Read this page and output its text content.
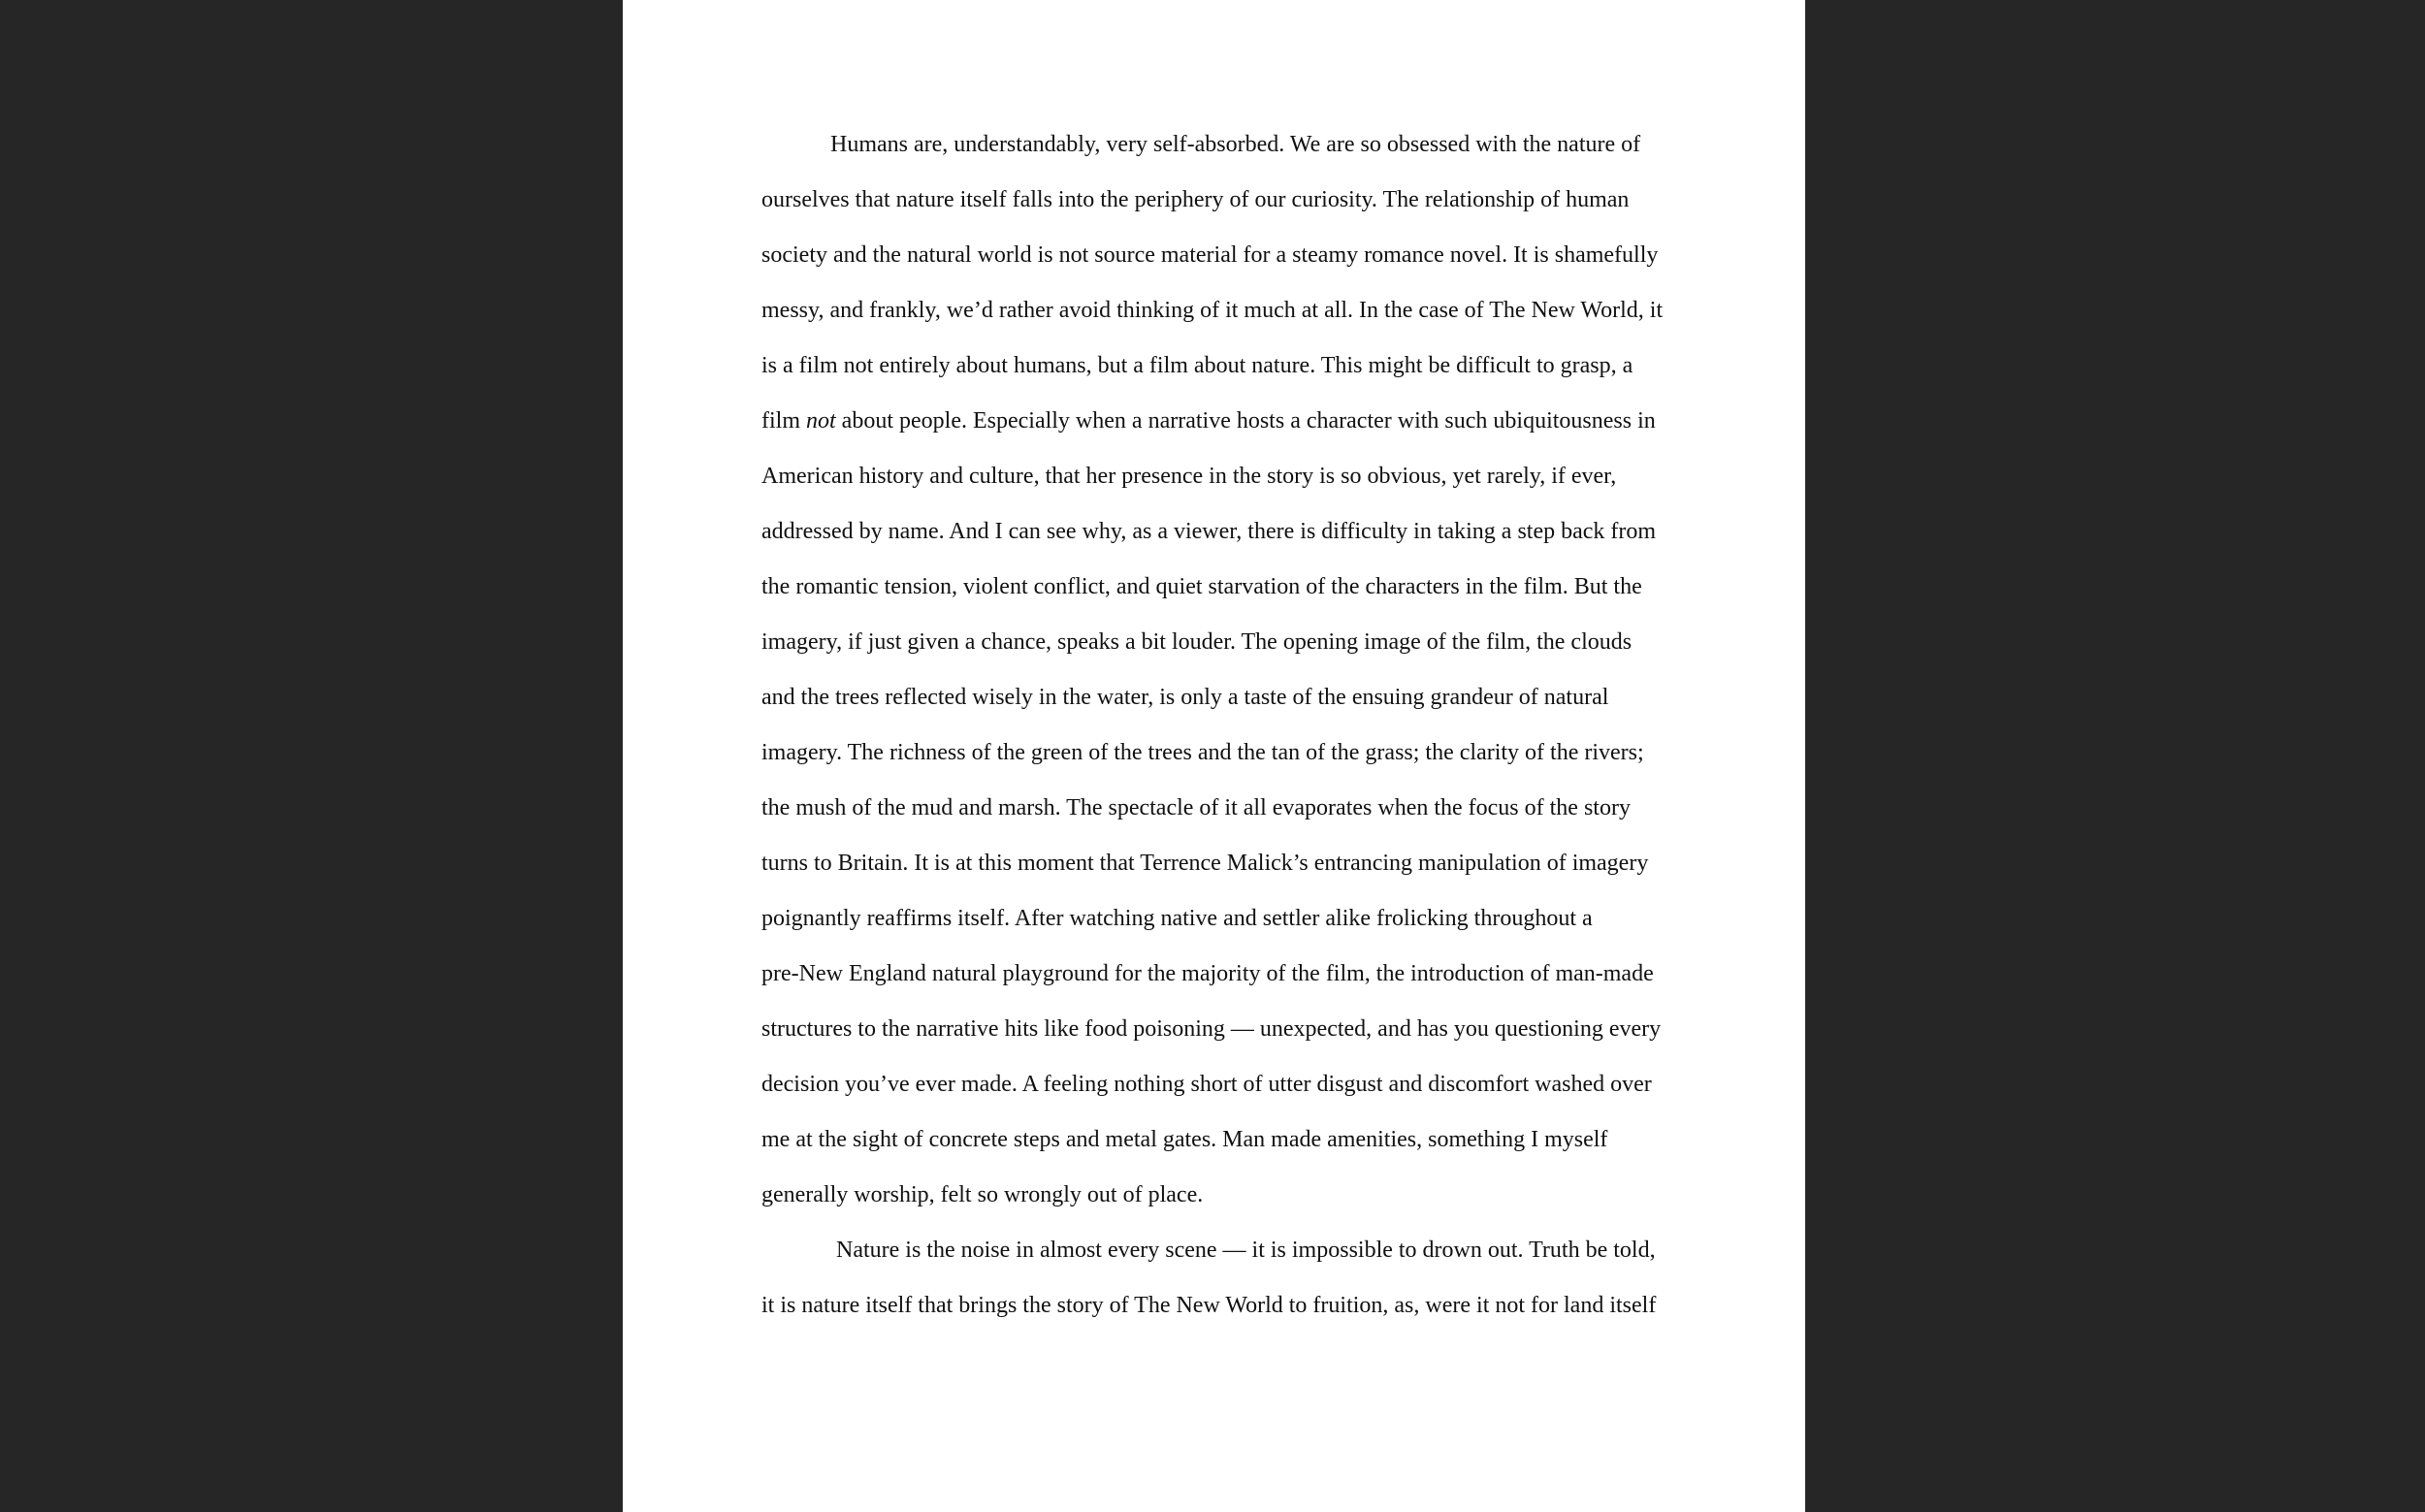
Humans are, understandably, very self-absorbed. We are so obsessed with the nature of
ourselves that nature itself falls into the periphery of our curiosity. The relationship of human
society and the natural world is not source material for a steamy romance novel. It is shamefully
messy, and frankly, we’d rather avoid thinking of it much at all. In the case of The New World, it
is a film not entirely about humans, but a film about nature. This might be difficult to grasp, a
film not about people. Especially when a narrative hosts a character with such ubiquitousness in
American history and culture, that her presence in the story is so obvious, yet rarely, if ever,
addressed by name. And I can see why, as a viewer, there is difficulty in taking a step back from
the romantic tension, violent conflict, and quiet starvation of the characters in the film. But the
imagery, if just given a chance, speaks a bit louder. The opening image of the film, the clouds
and the trees reflected wisely in the water, is only a taste of the ensuing grandeur of natural
imagery. The richness of the green of the trees and the tan of the grass; the clarity of the rivers;
the mush of the mud and marsh. The spectacle of it all evaporates when the focus of the story
turns to Britain. It is at this moment that Terrence Malick’s entrancing manipulation of imagery
poignantly reaffirms itself. After watching native and settler alike frolicking throughout a
pre-New England natural playground for the majority of the film, the introduction of man-made
structures to the narrative hits like food poisoning — unexpected, and has you questioning every
decision you’ve ever made. A feeling nothing short of utter disgust and discomfort washed over
me at the sight of concrete steps and metal gates. Man made amenities, something I myself
generally worship, felt so wrongly out of place.
Nature is the noise in almost every scene — it is impossible to drown out. Truth be told,
it is nature itself that brings the story of The New World to fruition, as, were it not for land itself
